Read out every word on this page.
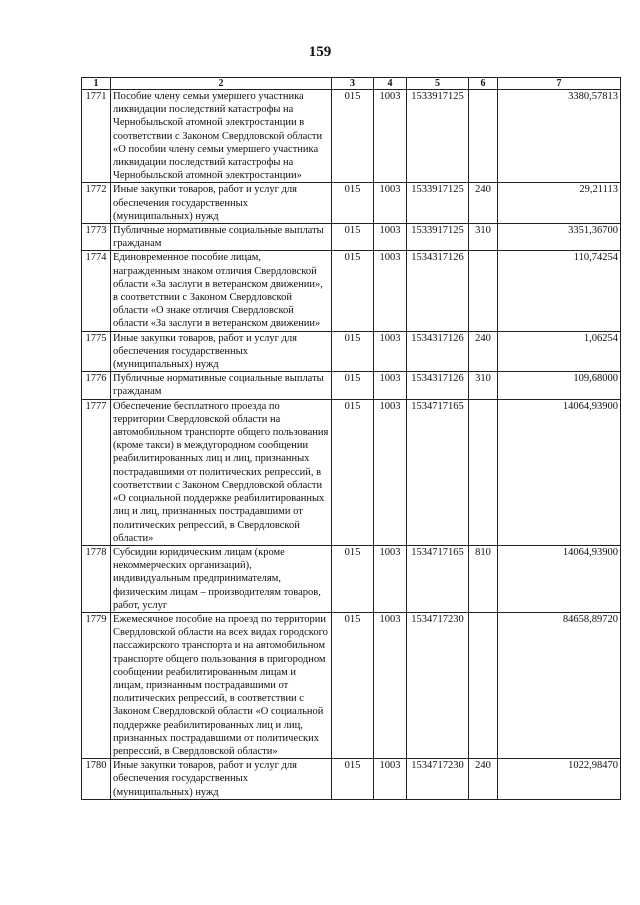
159
1	2	3	4	5	6	7
1771	Пособие члену семьи умершего участника ликвидации последствий катастрофы на Чернобыльской атомной электростанции в соответствии с Законом Свердловской области «О пособии члену семьи умершего участника ликвидации последствий катастрофы на Чернобыльской атомной электростанции»	015	1003	1533917125		3380,57813
1772	Иные закупки товаров, работ и услуг для обеспечения государственных (муниципальных) нужд	015	1003	1533917125	240	29,21113
1773	Публичные нормативные социальные выплаты гражданам	015	1003	1533917125	310	3351,36700
1774	Единовременное пособие лицам, награжденным знаком отличия Свердловской области «За заслуги в ветеранском движении», в соответствии с Законом Свердловской области «О знаке отличия Свердловской области «За заслуги в ветеранском движении»	015	1003	1534317126		110,74254
1775	Иные закупки товаров, работ и услуг для обеспечения государственных (муниципальных) нужд	015	1003	1534317126	240	1,06254
1776	Публичные нормативные социальные выплаты гражданам	015	1003	1534317126	310	109,68000
1777	Обеспечение бесплатного проезда по территории Свердловской области на автомобильном транспорте общего пользования (кроме такси) в междугородном сообщении реабилитированных лиц и лиц, признанных пострадавшими от политических репрессий, в соответствии с Законом Свердловской области «О социальной поддержке реабилитированных лиц и лиц, признанных пострадавшими от политических репрессий, в Свердловской области»	015	1003	1534717165		14064,93900
1778	Субсидии юридическим лицам (кроме некоммерческих организаций), индивидуальным предпринимателям, физическим лицам – производителям товаров, работ, услуг	015	1003	1534717165	810	14064,93900
1779	Ежемесячное пособие на проезд по территории Свердловской области на всех видах городского пассажирского транспорта и на автомобильном транспорте общего пользования в пригородном сообщении реабилитированным лицам и лицам, признанным пострадавшими от политических репрессий, в соответствии с Законом Свердловской области «О социальной поддержке реабилитированных лиц и лиц, признанных пострадавшими от политических репрессий, в Свердловской области»	015	1003	1534717230		84658,89720
1780	Иные закупки товаров, работ и услуг для обеспечения государственных (муниципальных) нужд	015	1003	1534717230	240	1022,98470
